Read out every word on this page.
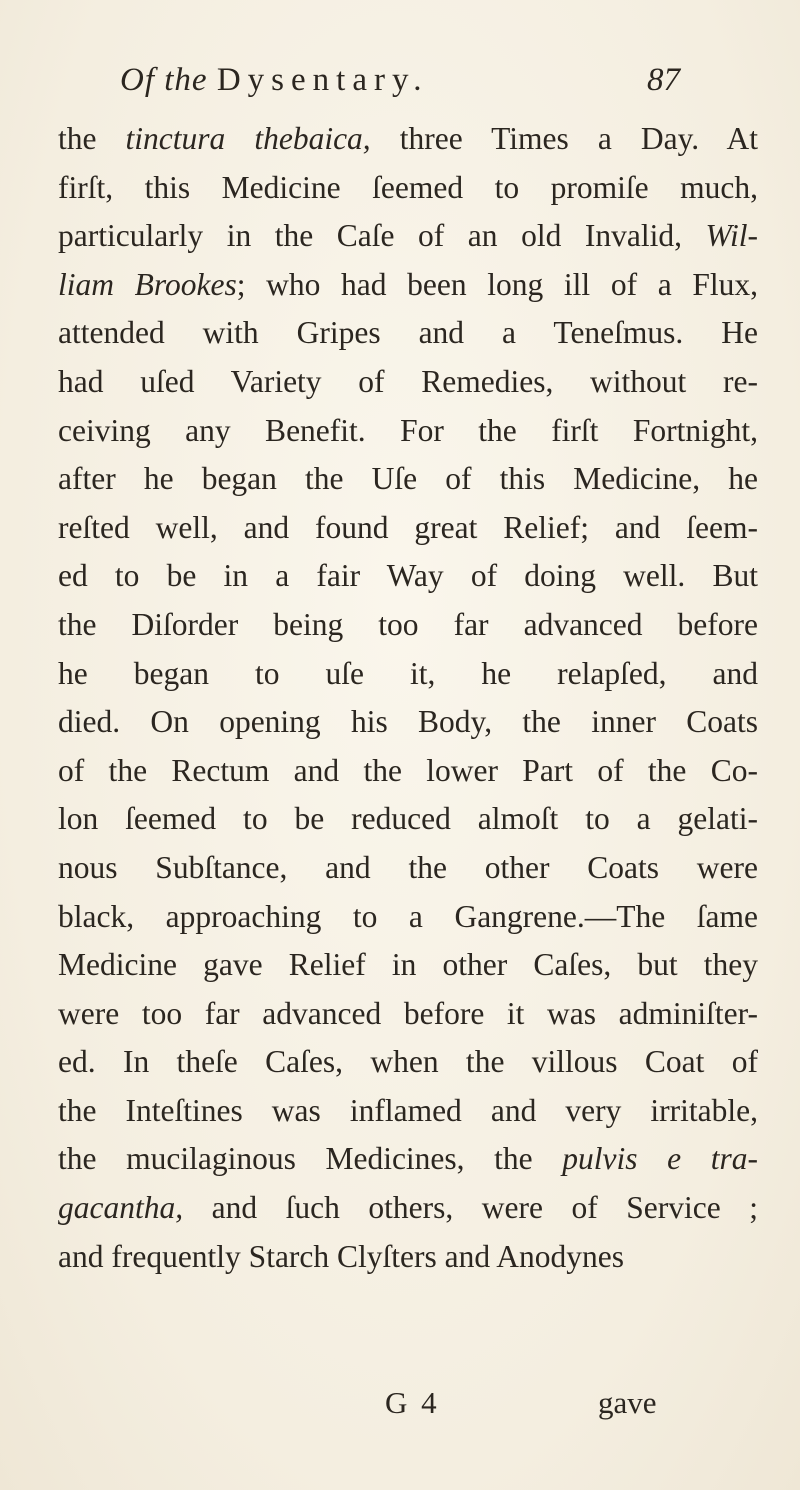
Of the Dysentary.	87
the tinctura thebaica, three Times a Day. At
firſt, this Medicine ſeemed to promiſe much,
particularly in the Caſe of an old Invalid, Wil-
liam Brookes; who had been long ill of a Flux,
attended with Gripes and a Teneſmus. He
had uſed Variety of Remedies, without re-
ceiving any Benefit. For the firſt Fortnight,
after he began the Uſe of this Medicine, he
reſted well, and found great Relief; and ſeem-
ed to be in a fair Way of doing well. But
the Diſorder being too far advanced before
he began to uſe it, he relapſed, and
died. On opening his Body, the inner Coats
of the Rectum and the lower Part of the Co-
lon ſeemed to be reduced almoſt to a gelati-
nous Subſtance, and the other Coats were
black, approaching to a Gangrene.—The ſame
Medicine gave Relief in other Caſes, but they
were too far advanced before it was adminiſter-
ed. In theſe Caſes, when the villous Coat of
the Inteſtines was inflamed and very irritable,
the mucilaginous Medicines, the pulvis e tra-
gacantha, and ſuch others, were of Service ;
and frequently Starch Clyſters and Anodynes
G 4	gave
